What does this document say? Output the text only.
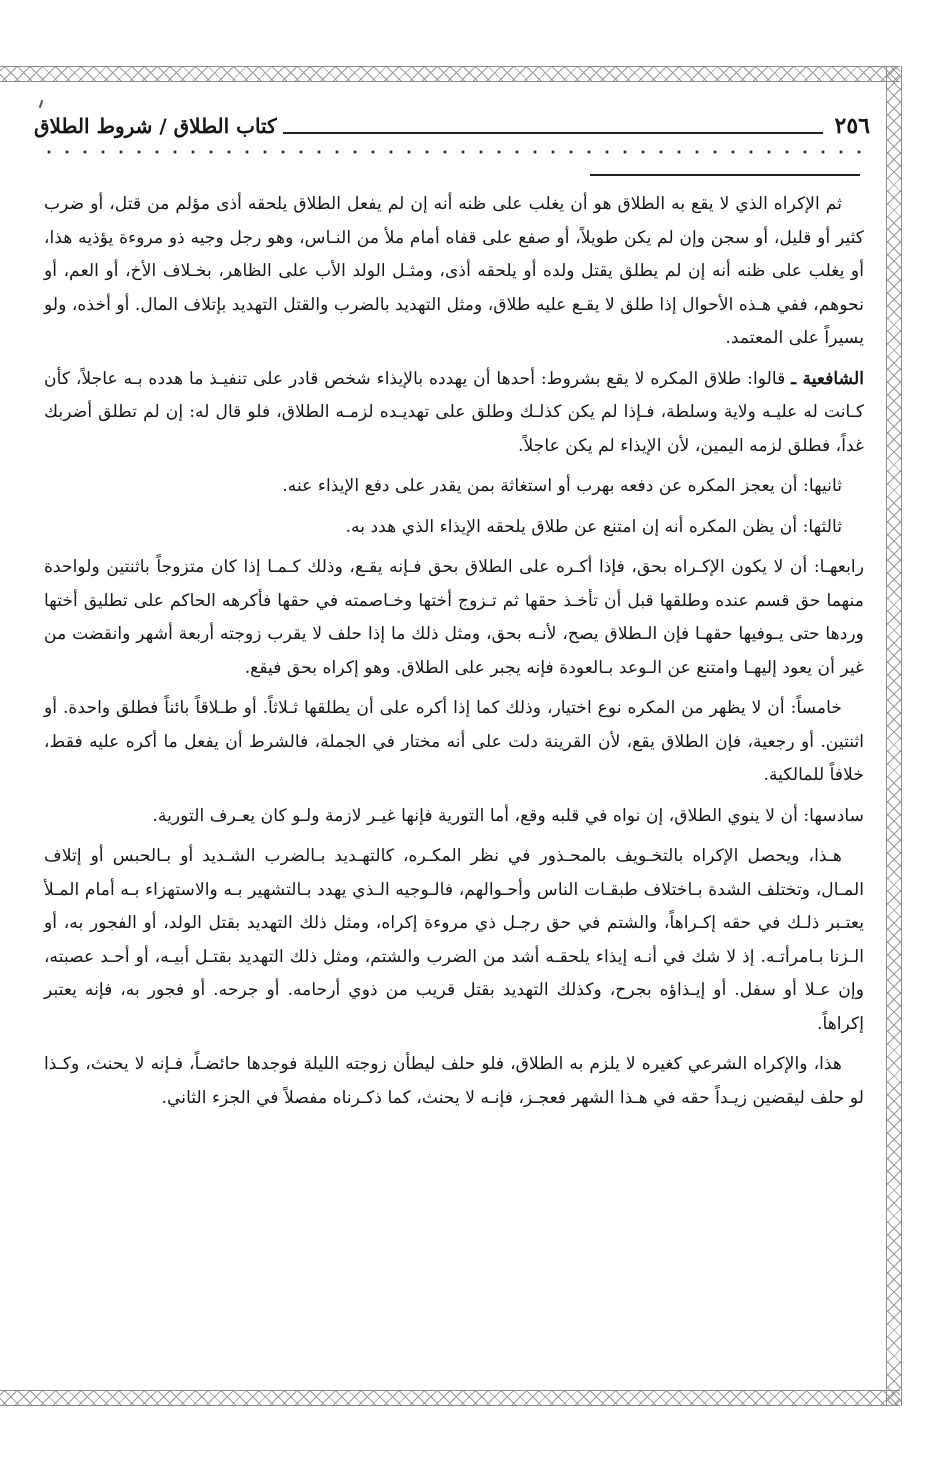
٢٥٦
كتاب الطلاق / شروط الطلاق

ثم الإكراه الذي لا يقع به الطلاق هو أن يغلب على ظنه أنه إن لم يفعل الطلاق يلحقه أذى مؤلم من قتل، أو ضرب كثير أو قليل، أو سجن وإن لم يكن طويلاً، أو صفع على قفاه أمام ملأ من النـاس، وهو رجل وجيه ذو مروءة يؤذيه هذا، أو يغلب على ظنه أنه إن لم يطلق يقتل ولده أو يلحقه أذى، ومثـل الولد الأب على الظاهر، بخـلاف الأخ، أو العم، أو نحوهم، ففي هـذه الأحوال إذا طلق لا يقـع عليه طلاق، ومثل التهديد بالضرب والقتل التهديد بإتلاف المال. أو أخذه، ولو يسيراً على المعتمد.

الشافعية ـ قالوا: طلاق المكره لا يقع بشروط: أحدها أن يهدده بالإيذاء شخص قادر على تنفيـذ ما هدده بـه عاجلاً، كأن كـانت له عليـه ولاية وسلطة، فـإذا لم يكن كذلـك وطلق على تهديـده لزمـه الطلاق، فلو قال له: إن لم تطلق أضربك غداً، فطلق لزمه اليمين، لأن الإيذاء لم يكن عاجلاً.

ثانيها: أن يعجز المكره عن دفعه بهرب أو استغاثة بمن يقدر على دفع الإيذاء عنه.

ثالثها: أن يظن المكره أنه إن امتنع عن طلاق يلحقه الإيذاء الذي هدد به.

رابعهـا: أن لا يكون الإكـراه بحق، فإذا أكـره على الطلاق بحق فـإنه يقـع، وذلك كـمـا إذا كان متزوجاً باثنتين ولواحدة منهما حق قسم عنده وطلقها قبل أن تأخـذ حقها ثم تـزوج أختها وخـاصمته في حقها فأكرهه الحاكم على تطليق أختها وردها حتى يـوفيها حقهـا فإن الـطلاق يصح، لأنـه بحق، ومثل ذلك ما إذا حلف لا يقرب زوجته أربعة أشهر وانقضت من غير أن يعود إليهـا وامتنع عن الـوعد بـالعودة فإنه يجبر على الطلاق. وهو إكراه بحق فيقع.

خامساً: أن لا يظهر من المكره نوع اختيار، وذلك كما إذا أكره على أن يطلقها ثـلاثاً. أو طـلاقاً بائناً فطلق واحدة. أو اثنتين. أو رجعية، فإن الطلاق يقع، لأن القرينة دلت على أنه مختار في الجملة، فالشرط أن يفعل ما أكره عليه فقط، خلافاً للمالكية.

سادسها: أن لا ينوي الطلاق، إن نواه في قلبه وقع، أما التورية فإنها غيـر لازمة ولـو كان يعـرف التورية.

هـذا، ويحصل الإكراه بالتخـويف بالمحـذور في نظر المكـره، كالتهـديد بـالضرب الشـديد أو بـالحبس أو إتلاف المـال، وتختلف الشدة بـاختلاف طبقـات الناس وأحـوالهم، فالـوجيه الـذي يهدد بـالتشهير بـه والاستهزاء بـه أمام المـلأ يعتـبر ذلـك في حقه إكـراهاً، والشتم في حق رجـل ذي مروءة إكراه، ومثل ذلك التهديد بقتل الولد، أو الفجور به، أو الـزنا بـامرأتـه. إذ لا شك في أنـه إيذاء يلحقـه أشد من الضرب والشتم، ومثل ذلك التهديد بقتـل أبيـه، أو أحـد عصبته، وإن عـلا أو سفل. أو إيـذاؤه بجرح، وكذلك التهديد بقتل قريب من ذوي أرحامه. أو جرحه. أو فجور به، فإنه يعتبر إكراهاً.

هذا، والإكراه الشرعي كغيره لا يلزم به الطلاق، فلو حلف ليطأن زوجته الليلة فوجدها حائضـاً، فـإنه لا يحنث، وكـذا لو حلف ليقضين زيـداً حقه في هـذا الشهر فعجـز، فإنـه لا يحنث، كما ذكـرناه مفصلاً في الجزء الثاني.
